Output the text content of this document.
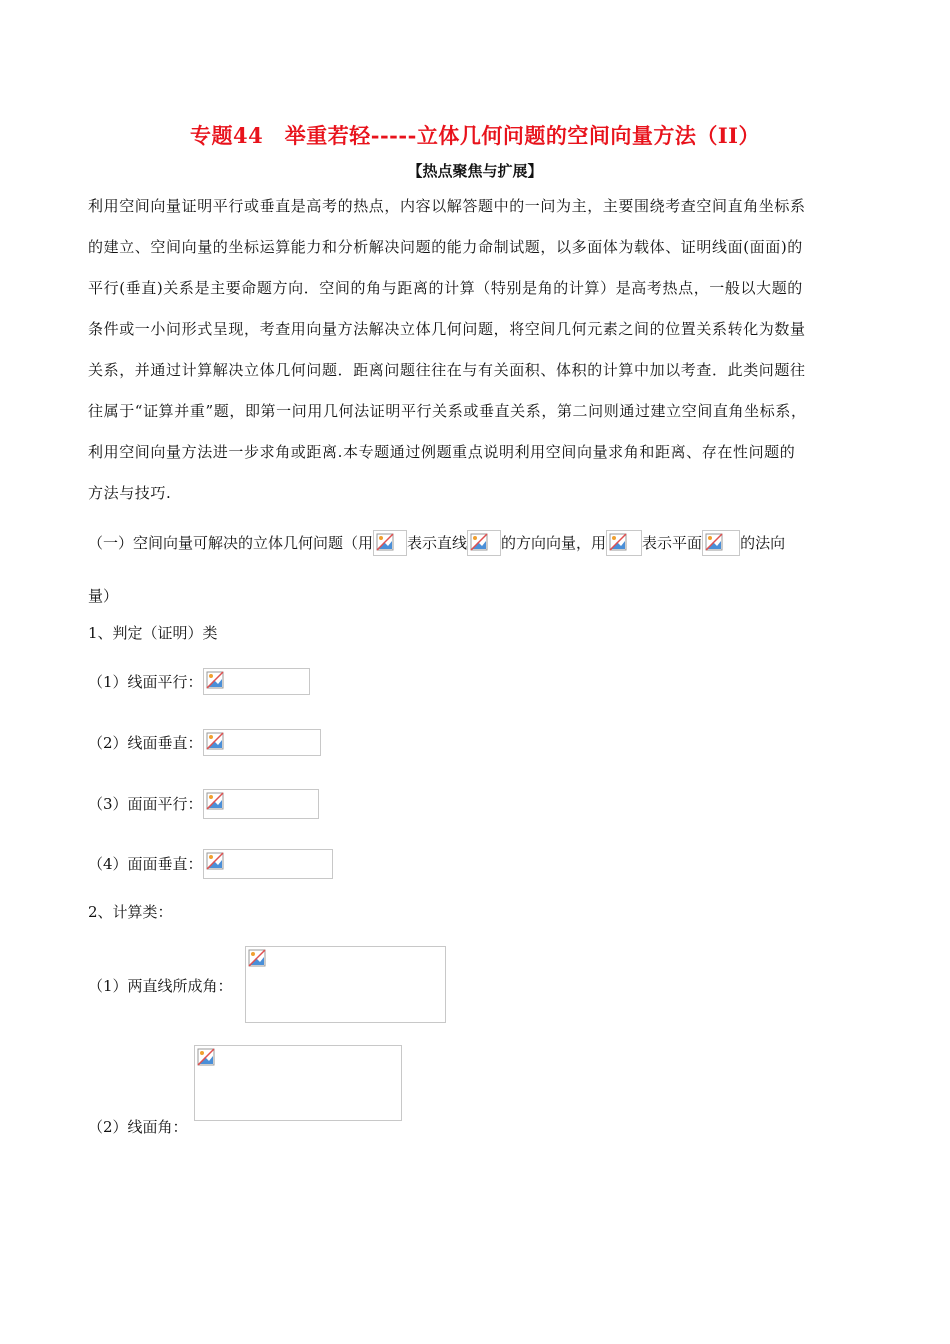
专题44　举重若轻-----立体几何问题的空间向量方法（II）
【热点聚焦与扩展】
利用空间向量证明平行或垂直是高考的热点，内容以解答题中的一问为主，主要围绕考查空间直角坐标系
的建立、空间向量的坐标运算能力和分析解决问题的能力命制试题，以多面体为载体、证明线面(面面)的
平行(垂直)关系是主要命题方向．空间的角与距离的计算（特别是角的计算）是高考热点，一般以大题的
条件或一小问形式呈现，考查用向量方法解决立体几何问题，将空间几何元素之间的位置关系转化为数量
关系，并通过计算解决立体几何问题．距离问题往往在与有关面积、体积的计算中加以考查．此类问题往
往属于“证算并重”题，即第一问用几何法证明平行关系或垂直关系，第二问则通过建立空间直角坐标系，
利用空间向量方法进一步求角或距离.本专题通过例题重点说明利用空间向量求角和距离、存在性问题的
方法与技巧.
（一）空间向量可解决的立体几何问题（用 表示直线 的方向向量，用 表示平面	的法向
量）
1、判定（证明）类
（1）线面平行：
（2）线面垂直：
（3）面面平行：
（4）面面垂直：
2、计算类：
（1）两直线所成角：
（2）线面角：
